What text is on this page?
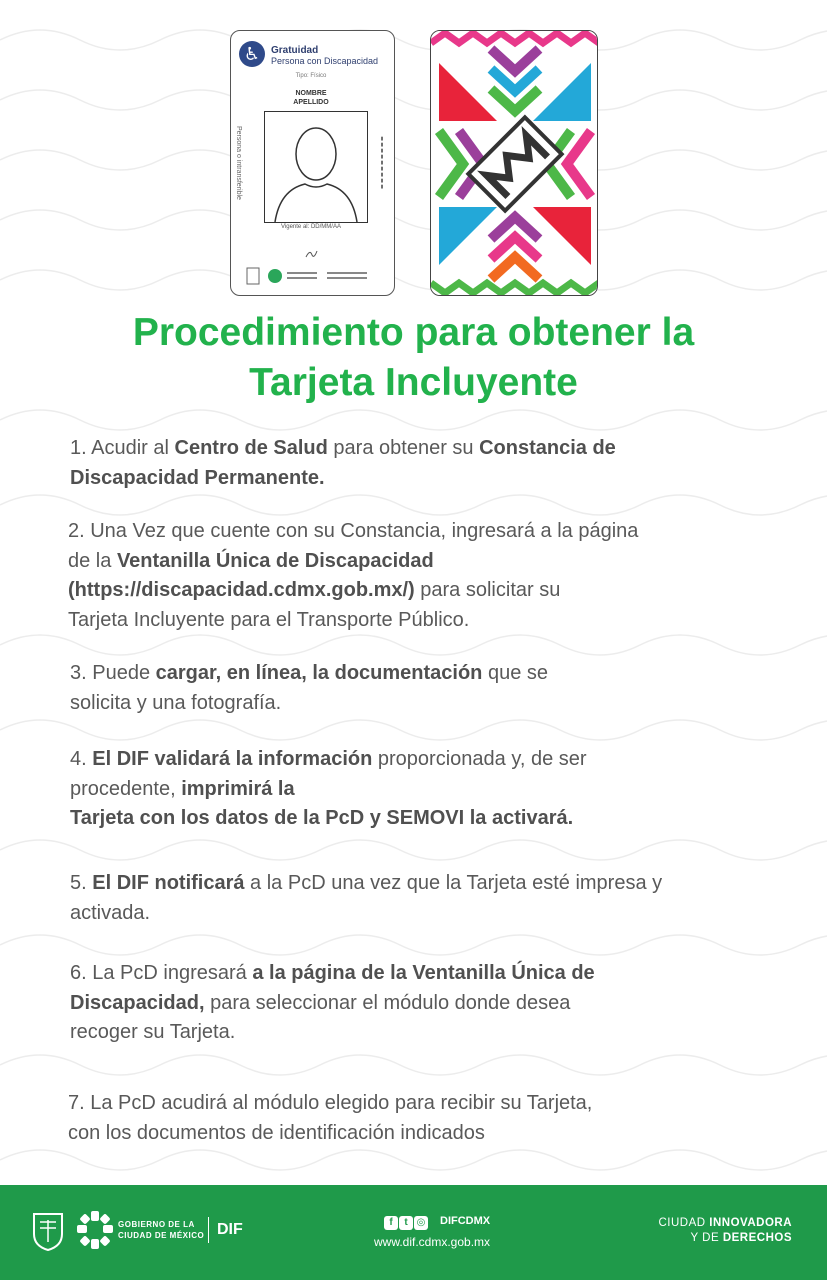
♿	Gratuidad
Persona con Discapacidad
Tipo: Físico
NOMBRE
APELLIDO
Persona o intransferible	▮▮▮▮▮▮▮▮▮
Vigente al: DD/MM/AA
Procedimiento para obtener la
Tarjeta Incluyente
1. Acudir al Centro de Salud para obtener su Constancia de
Discapacidad Permanente.
2. Una Vez que cuente con su Constancia, ingresará a la página
de la Ventanilla Única de Discapacidad
(https://discapacidad.cdmx.gob.mx/) para solicitar su
Tarjeta Incluyente para el Transporte Público.
3. Puede cargar, en línea, la documentación que se
solicita y una fotografía.
4. El DIF validará la información proporcionada y, de ser
procedente, imprimirá la
Tarjeta con los datos de la PcD y SEMOVI la activará.
5. El DIF notificará a la PcD una vez que la Tarjeta esté impresa y
activada.
6. La PcD ingresará a la página de la Ventanilla Única de
Discapacidad, para seleccionar el módulo donde desea
recoger su Tarjeta.
7. La PcD acudirá al módulo elegido para recibir su Tarjeta,
con los documentos de identificación indicados
GOBIERNO DE LA
CIUDAD DE MÉXICO DIF	f t ◎	DIFCDMX
www.dif.cdmx.gob.mx
CIUDAD INNOVADORA
Y DE DERECHOS
